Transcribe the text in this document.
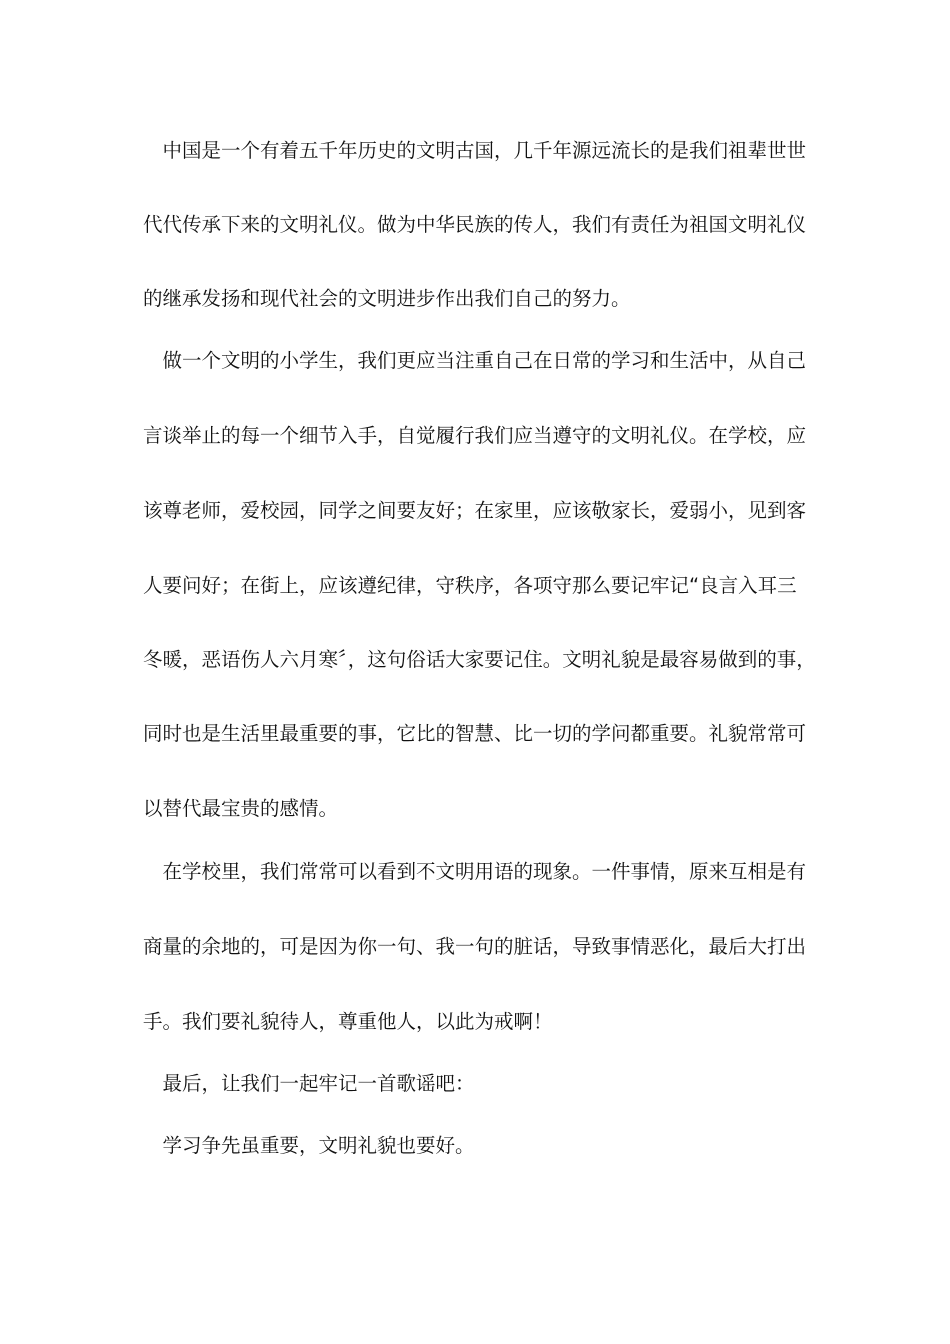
　中国是一个有着五千年历史的文明古国，几千年源远流长的是我们祖辈世世
代代传承下来的文明礼仪。做为中华民族的传人，我们有责任为祖国文明礼仪
的继承发扬和现代社会的文明进步作出我们自己的努力。
　做一个文明的小学生，我们更应当注重自己在日常的学习和生活中，从自己
言谈举止的每一个细节入手，自觉履行我们应当遵守的文明礼仪。在学校，应
该尊老师，爱校园，同学之间要友好；在家里，应该敬家长，爱弱小，见到客
人要问好；在街上，应该遵纪律，守秩序，各项守那么要记牢记“良言入耳三
冬暖，恶语伤人六月寒〞，这句俗话大家要记住。文明礼貌是最容易做到的事，
同时也是生活里最重要的事，它比的智慧、比一切的学问都重要。礼貌常常可
以替代最宝贵的感情。
　在学校里，我们常常可以看到不文明用语的现象。一件事情，原来互相是有
商量的余地的，可是因为你一句、我一句的脏话，导致事情恶化，最后大打出
手。我们要礼貌待人，尊重他人，以此为戒啊！
　最后，让我们一起牢记一首歌谣吧：
　学习争先虽重要，文明礼貌也要好。
